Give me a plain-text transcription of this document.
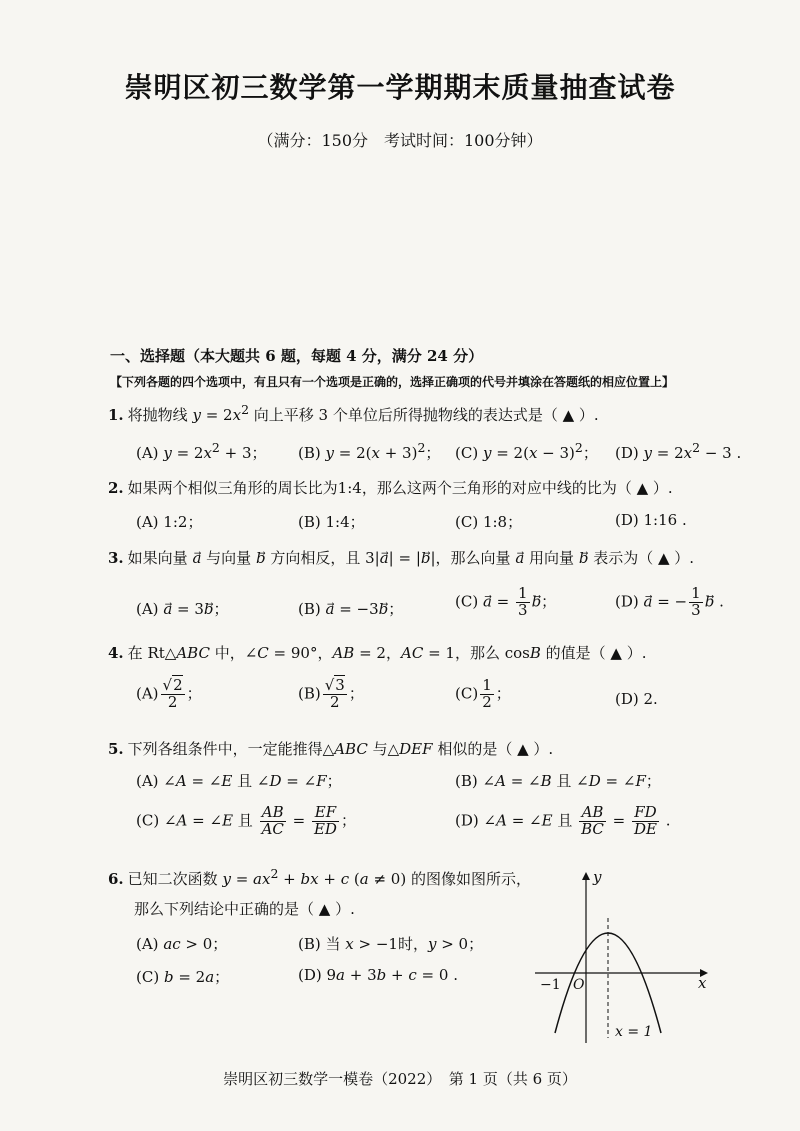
崇明区初三数学第一学期期末质量抽查试卷
（满分：150分　考试时间：100分钟）
一、选择题（本大题共 6 题，每题 4 分，满分 24 分）
【下列各题的四个选项中，有且只有一个选项是正确的，选择正确项的代号并填涂在答题纸的相应位置上】
1. 将抛物线 $y = 2x^2$ 向上平移 3 个单位后所得抛物线的表达式是（ ▲ ）.
(A) $y = 2x^2 + 3$； (B) $y = 2(x + 3)^2$； (C) $y = 2(x - 3)^2$； (D) $y = 2x^2 - 3$ .
2. 如果两个相似三角形的周长比为1:4，那么这两个三角形的对应中线的比为（ ▲ ）.
(A) 1:2；	(B) 1:4；	(C) 1:8；	(D) 1:16 .
3. 如果向量 a⃗ 与向量 b⃗ 方向相反，且 3|a⃗| = |b⃗|，那么向量 a⃗ 用向量 b⃗ 表示为（ ▲ ）.
(A) a⃗ = 3b⃗；	(B) a⃗ = −3b⃗；	(C) a⃗ = $\frac{1}{3}$ b⃗；	(D) a⃗ = − $\frac{1}{3}$ b⃗ .
4. 在 Rt△ABC 中，∠C = 90°，AB = 2，AC = 1，那么 cosB 的值是（ ▲ ）.
$(A) \frac{√2}{2}$ ；	$(B) \frac{√3}{2}$ ；	$(C) \frac{1}{2}$ ；	(D) 2.
5. 下列各组条件中，一定能推得△ABC 与△DEF 相似的是（ ▲ ）.
(A) ∠A = ∠E 且 ∠D = ∠F；	(B) ∠A = ∠B 且 ∠D = ∠F；
(C) ∠A = ∠E 且 $\frac{AB}{AC} = \frac{EF}{ED}$ ；	(D) ∠A = ∠E 且 $\frac{AB}{BC} = \frac{FD}{DE}$ .
6. 已知二次函数 $y = ax^2$ + bx + c (a ≠ 0) 的图像如图所示，
那么下列结论中正确的是（ ▲ ）.
(A) ac > 0；	(B) 当 x > −1时，y > 0；
(C) b = 2a；	(D) 9a + 3b + c = 0 .
y
x
O
−1
x = 1
崇明区初三数学一模卷（2022）　第 1 页（共 6 页）
